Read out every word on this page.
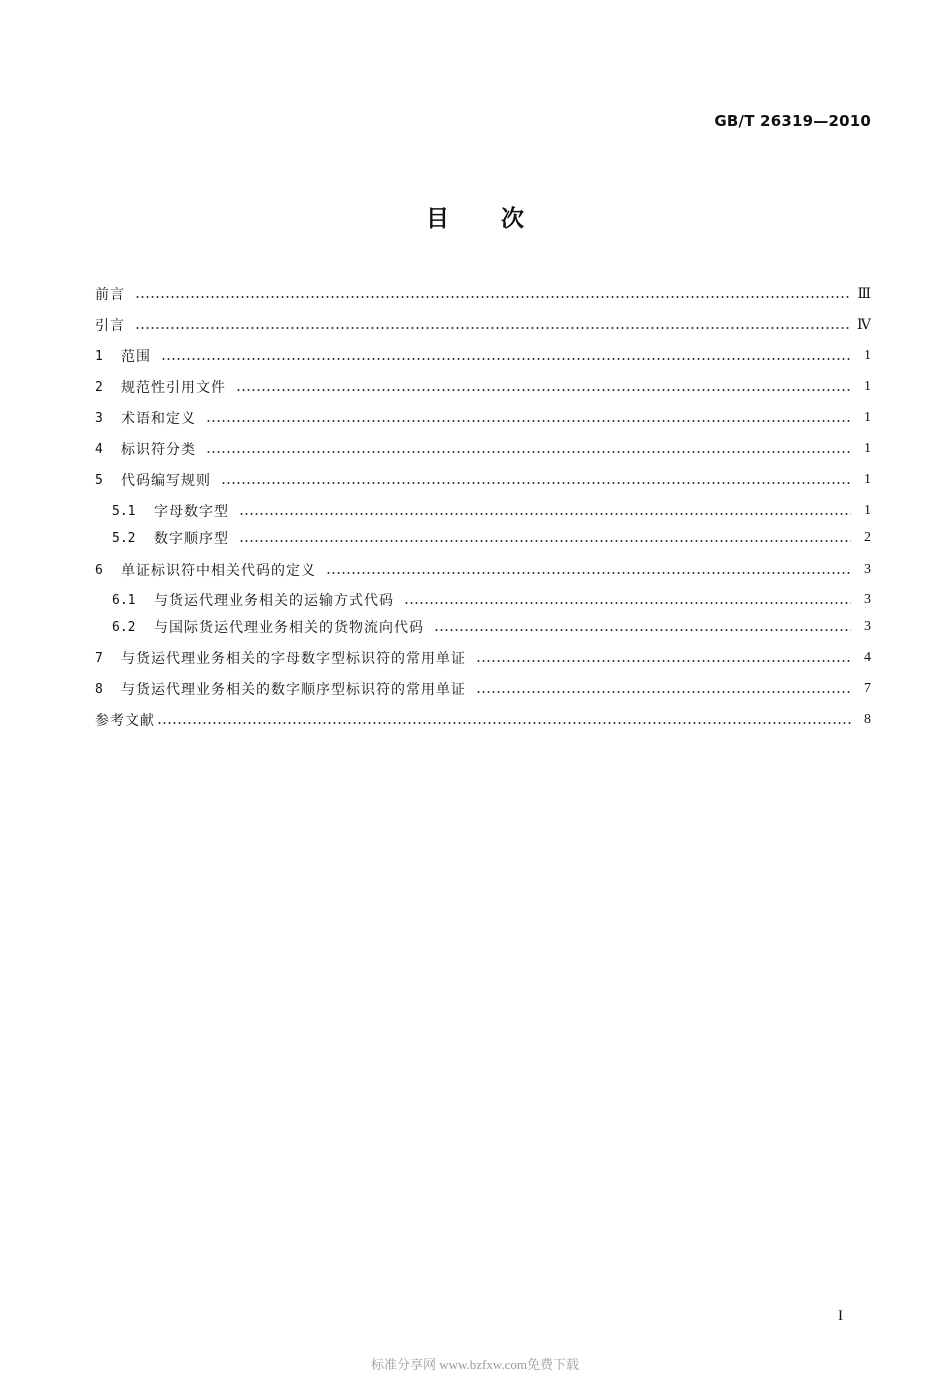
GB/T 26319—2010
目次
前言	Ⅲ
引言	Ⅳ
1	范围	1
2	规范性引用文件	1
3	术语和定义	1
4	标识符分类	1
5	代码编写规则	1
5.1	字母数字型	1
5.2	数字顺序型	2
6	单证标识符中相关代码的定义	3
6.1	与货运代理业务相关的运输方式代码	3
6.2	与国际货运代理业务相关的货物流向代码	3
7	与货运代理业务相关的字母数字型标识符的常用单证	4
8	与货运代理业务相关的数字顺序型标识符的常用单证	7
参考文献	8
I
标准分享网 www.bzfxw.com免费下载
